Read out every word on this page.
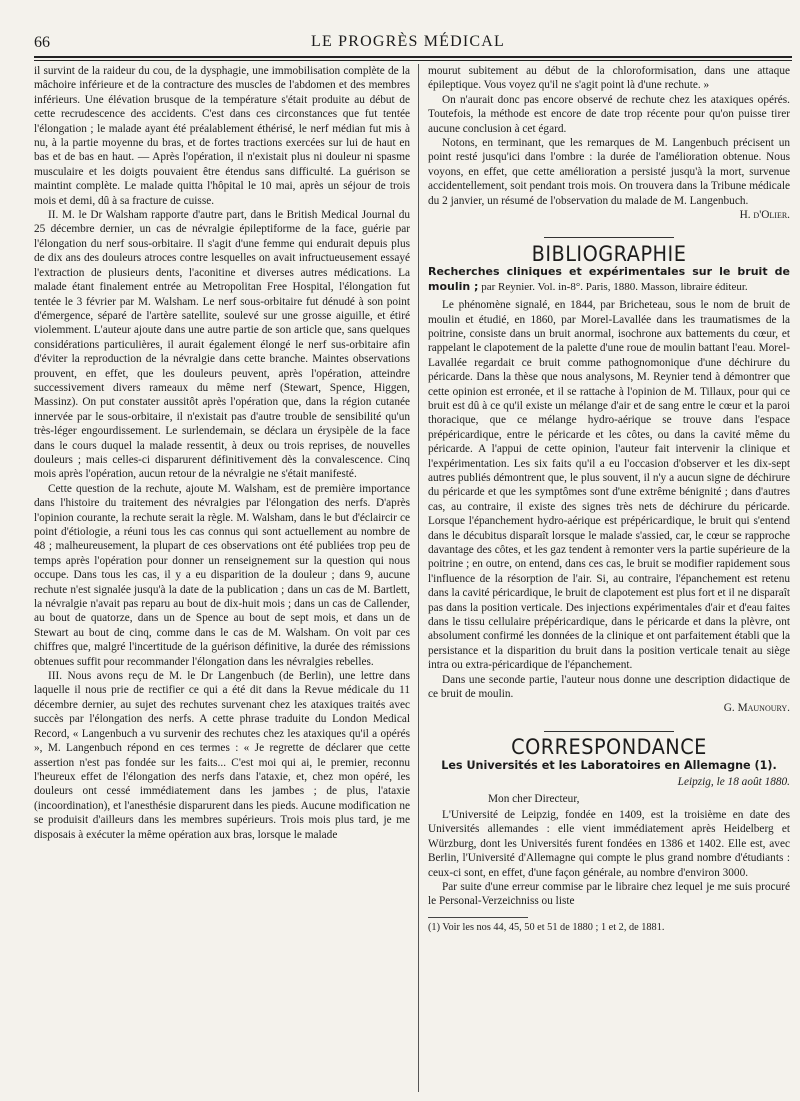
66	LE PROGRÈS MÉDICAL

il survint de la raideur du cou, de la dysphagie, une immobilisation complète de la mâchoire inférieure et de la contracture des muscles de l'abdomen et des membres inférieurs. Une élévation brusque de la température s'était produite au début de cette recrudescence des accidents. C'est dans ces circonstances que fut tentée l'élongation ; le malade ayant été préalablement éthérisé, le nerf médian fut mis à nu, à la partie moyenne du bras, et de fortes tractions exercées sur lui de haut en bas et de bas en haut. — Après l'opération, il n'existait plus ni douleur ni spasme musculaire et les doigts pouvaient être étendus sans difficulté. La guérison se maintint complète. Le malade quitta l'hôpital le 10 mai, après un séjour de trois mois et demi, dû à sa fracture de cuisse.

II. M. le Dr Walsham rapporte d'autre part, dans le British Medical Journal du 25 décembre dernier, un cas de névralgie épileptiforme de la face, guérie par l'élongation du nerf sous-orbitaire. Il s'agit d'une femme qui endurait depuis plus de dix ans des douleurs atroces contre lesquelles on avait infructueusement essayé l'extraction de plusieurs dents, l'aconitine et diverses autres médications. La malade étant finalement entrée au Metropolitan Free Hospital, l'élongation fut tentée le 3 février par M. Walsham. Le nerf sous-orbitaire fut dénudé à son point d'émergence, séparé de l'artère satellite, soulevé sur une grosse aiguille, et étiré violemment. L'auteur ajoute dans une autre partie de son article que, sans quelques considérations particulières, il aurait également élongé le nerf sus-orbitaire afin d'éviter la reproduction de la névralgie dans cette branche. Maintes observations prouvent, en effet, que les douleurs peuvent, après l'opération, atteindre successivement divers rameaux du même nerf (Stewart, Spence, Higgen, Massinz). On put constater aussitôt après l'opération que, dans la région cutanée innervée par le sous-orbitaire, il n'existait pas d'autre trouble de sensibilité qu'un très-léger engourdissement. Le surlendemain, se déclara un érysipèle de la face dans le cours duquel la malade ressentit, à deux ou trois reprises, de nouvelles douleurs ; mais celles-ci disparurent définitivement dès la convalescence. Cinq mois après l'opération, aucun retour de la névralgie ne s'était manifesté.

Cette question de la rechute, ajoute M. Walsham, est de première importance dans l'histoire du traitement des névralgies par l'élongation des nerfs. D'après l'opinion courante, la rechute serait la règle. M. Walsham, dans le but d'éclaircir ce point d'étiologie, a réuni tous les cas connus qui sont actuellement au nombre de 48 ; malheureusement, la plupart de ces observations ont été publiées trop peu de temps après l'opération pour donner un renseignement sur la question qui nous occupe. Dans tous les cas, il y a eu disparition de la douleur ; dans 9, aucune rechute n'est signalée jusqu'à la date de la publication ; dans un cas de M. Bartlett, la névralgie n'avait pas reparu au bout de dix-huit mois ; dans un cas de Callender, au bout de quatorze, dans un de Spence au bout de sept mois, et dans un de Stewart au bout de cinq, comme dans le cas de M. Walsham. On voit par ces chiffres que, malgré l'incertitude de la guérison définitive, la durée des rémissions obtenues suffit pour recommander l'élongation dans les névralgies rebelles.

III. Nous avons reçu de M. le Dr Langenbuch (de Berlin), une lettre dans laquelle il nous prie de rectifier ce qui a été dit dans la Revue médicale du 11 décembre dernier, au sujet des rechutes survenant chez les ataxiques traités avec succès par l'élongation des nerfs. A cette phrase traduite du London Medical Record, « Langenbuch a vu survenir des rechutes chez les ataxiques qu'il a opérés », M. Langenbuch répond en ces termes : « Je regrette de déclarer que cette assertion n'est pas fondée sur les faits... C'est moi qui ai, le premier, reconnu l'heureux effet de l'élongation des nerfs dans l'ataxie, et, chez mon opéré, les douleurs ont cessé immédiatement dans les jambes ; de plus, l'ataxie (incoordination), et l'anesthésie disparurent dans les pieds. Aucune modification ne se produisit d'ailleurs dans les membres supérieurs. Trois mois plus tard, je me disposais à exécuter la même opération aux bras, lorsque le malade

mourut subitement au début de la chloroformisation, dans une attaque épileptique. Vous voyez qu'il ne s'agit point là d'une rechute. »

On n'aurait donc pas encore observé de rechute chez les ataxiques opérés. Toutefois, la méthode est encore de date trop récente pour qu'on puisse tirer aucune conclusion à cet égard.

Notons, en terminant, que les remarques de M. Langenbuch précisent un point resté jusqu'ici dans l'ombre : la durée de l'amélioration obtenue. Nous voyons, en effet, que cette amélioration a persisté jusqu'à la mort, survenue accidentellement, soit pendant trois mois. On trouvera dans la Tribune médicale du 2 janvier, un résumé de l'observation du malade de M. Langenbuch.

H. d'Olier.
BIBLIOGRAPHIE
Recherches cliniques et expérimentales sur le bruit de moulin ; par Reynier. Vol. in-8°. Paris, 1880. Masson, libraire éditeur.

Le phénomène signalé, en 1844, par Bricheteau, sous le nom de bruit de moulin et étudié, en 1860, par Morel-Lavallée dans les traumatismes de la poitrine, consiste dans un bruit anormal, isochrone aux battements du cœur, et rappelant le clapotement de la palette d'une roue de moulin battant l'eau. Morel-Lavallée regardait ce bruit comme pathognomonique d'une déchirure du péricarde. Dans la thèse que nous analysons, M. Reynier tend à démontrer que cette opinion est erronée, et il se rattache à l'opinion de M. Tillaux, pour qui ce bruit est dû à ce qu'il existe un mélange d'air et de sang entre le cœur et la paroi thoracique, que ce mélange hydro-aérique se trouve dans l'espace prépéricardique, entre le péricarde et les côtes, ou dans la cavité même du péricarde. A l'appui de cette opinion, l'auteur fait intervenir la clinique et l'expérimentation. Les six faits qu'il a eu l'occasion d'observer et les dix-sept autres publiés démontrent que, le plus souvent, il n'y a aucun signe de déchirure du péricarde et que les symptômes sont d'une extrême bénignité ; dans d'autres cas, au contraire, il existe des signes très nets de déchirure du péricarde. Lorsque l'épanchement hydro-aérique est prépéricardique, le bruit qui s'entend dans le décubitus disparaît lorsque le malade s'assied, car, le cœur se rapproche davantage des côtes, et les gaz tendent à remonter vers la partie supérieure de la poitrine ; en outre, on entend, dans ces cas, le bruit se modifier rapidement sous l'influence de la résorption de l'air. Si, au contraire, l'épanchement est retenu dans la cavité péricardique, le bruit de clapotement est plus fort et il ne disparaît pas dans la position verticale. Des injections expérimentales d'air et d'eau faites dans le tissu cellulaire prépéricardique, dans le péricarde et dans la plèvre, ont absolument confirmé les données de la clinique et ont parfaitement établi que la persistance et la disparition du bruit dans la position verticale tenait au siège intra ou extra-péricardique de l'épanchement.

Dans une seconde partie, l'auteur nous donne une description didactique de ce bruit de moulin.

G. Maunoury.
CORRESPONDANCE
Les Universités et les Laboratoires en Allemagne (1).
Leipzig, le 18 août 1880.
Mon cher Directeur,

L'Université de Leipzig, fondée en 1409, est la troisième en date des Universités allemandes : elle vient immédiatement après Heidelberg et Würzburg, dont les Universités furent fondées en 1386 et 1402. Elle est, avec Berlin, l'Université d'Allemagne qui compte le plus grand nombre d'étudiants : ceux-ci sont, en effet, d'une façon générale, au nombre d'environ 3000.

Par suite d'une erreur commise par le libraire chez lequel je me suis procuré le Personal-Verzeichniss ou liste

(1) Voir les nos 44, 45, 50 et 51 de 1880 ; 1 et 2, de 1881.
